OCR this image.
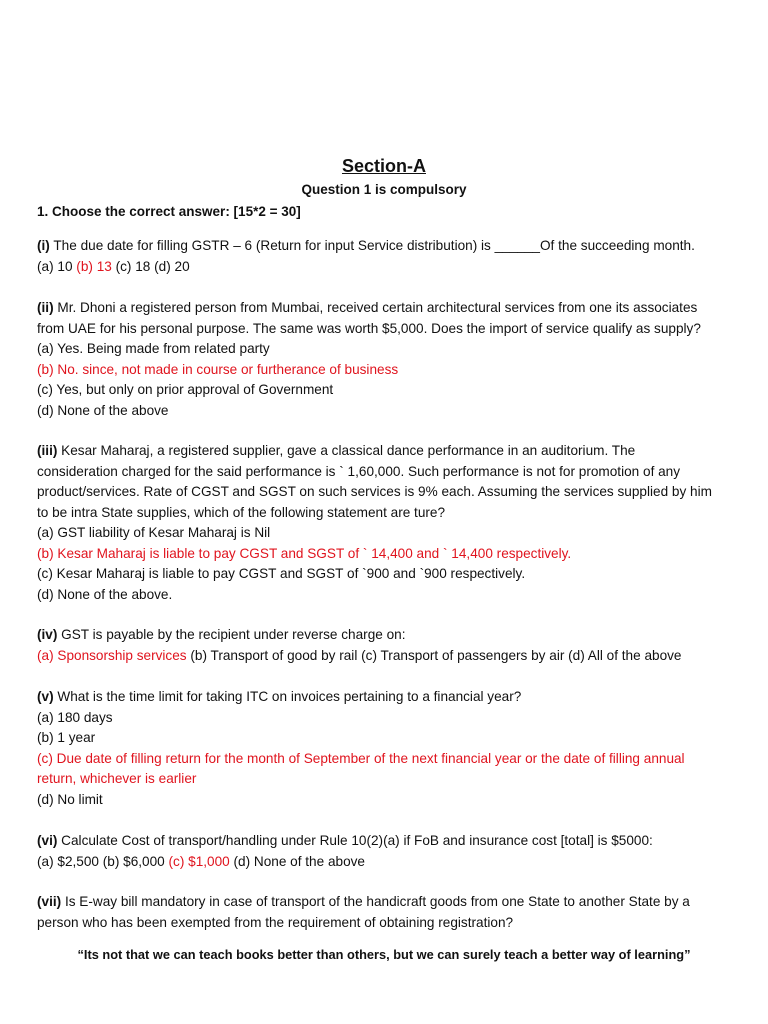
Section-A
Question 1 is compulsory
1. Choose the correct answer: [15*2 = 30]
(i) The due date for filling GSTR – 6 (Return for input Service distribution) is ______Of the succeeding month.
(a) 10 (b) 13 (c) 18 (d) 20
(ii) Mr. Dhoni a registered person from Mumbai, received certain architectural services from one its associates
from UAE for his personal purpose. The same was worth $5,000. Does the import of service qualify as supply?
(a) Yes. Being made from related party
(b) No. since, not made in course or furtherance of business
(c) Yes, but only on prior approval of Government
(d) None of the above
(iii) Kesar Maharaj, a registered supplier, gave a classical dance performance in an auditorium. The
consideration charged for the said performance is ` 1,60,000. Such performance is not for promotion of any
product/services. Rate of CGST and SGST on such services is 9% each. Assuming the services supplied by him
to be intra State supplies, which of the following statement are ture?
(a) GST liability of Kesar Maharaj is Nil
(b) Kesar Maharaj is liable to pay CGST and SGST of ` 14,400 and ` 14,400 respectively.
(c) Kesar Maharaj is liable to pay CGST and SGST of `900 and `900 respectively.
(d) None of the above.
(iv) GST is payable by the recipient under reverse charge on:
(a) Sponsorship services (b) Transport of good by rail (c) Transport of passengers by air (d) All of the above
(v) What is the time limit for taking ITC on invoices pertaining to a financial year?
(a) 180 days
(b) 1 year
(c) Due date of filling return for the month of September of the next financial year or the date of filling annual
return, whichever is earlier
(d) No limit
(vi) Calculate Cost of transport/handling under Rule 10(2)(a) if FoB and insurance cost [total] is $5000:
(a) $2,500 (b) $6,000 (c) $1,000 (d) None of the above
(vii) Is E-way bill mandatory in case of transport of the handicraft goods from one State to another State by a
person who has been exempted from the requirement of obtaining registration?
“Its not that we can teach books better than others, but we can surely teach a better way of learning”
